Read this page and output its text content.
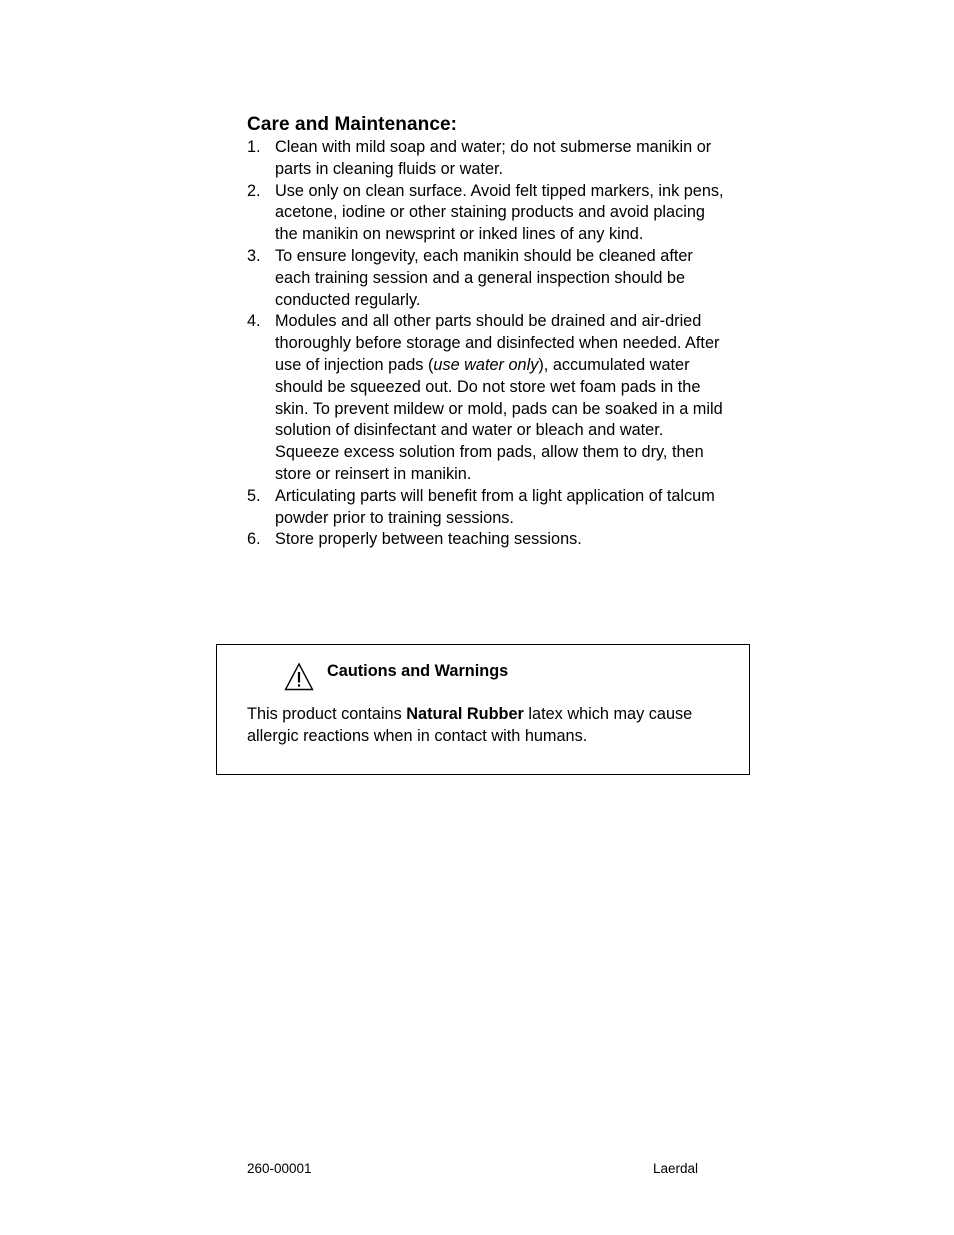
Care and Maintenance:
1. Clean with mild soap and water; do not submerse manikin or parts in cleaning fluids or water.
2. Use only on clean surface. Avoid felt tipped markers, ink pens, acetone, iodine or other staining products and avoid placing the manikin on newsprint or inked lines of any kind.
3. To ensure longevity, each manikin should be cleaned after each training session and a general inspection should be conducted regularly.
4. Modules and all other parts should be drained and air-dried thoroughly before storage and disinfected when needed. After use of injection pads (use water only), accumulated water should be squeezed out. Do not store wet foam pads in the skin. To prevent mildew or mold, pads can be soaked in a mild solution of disinfectant and water or bleach and water. Squeeze excess solution from pads, allow them to dry, then store or reinsert in manikin.
5. Articulating parts will benefit from a light application of talcum powder prior to training sessions.
6. Store properly between teaching sessions.
Cautions and Warnings
This product contains Natural Rubber latex which may cause allergic reactions when in contact with humans.
260-00001	Laerdal
